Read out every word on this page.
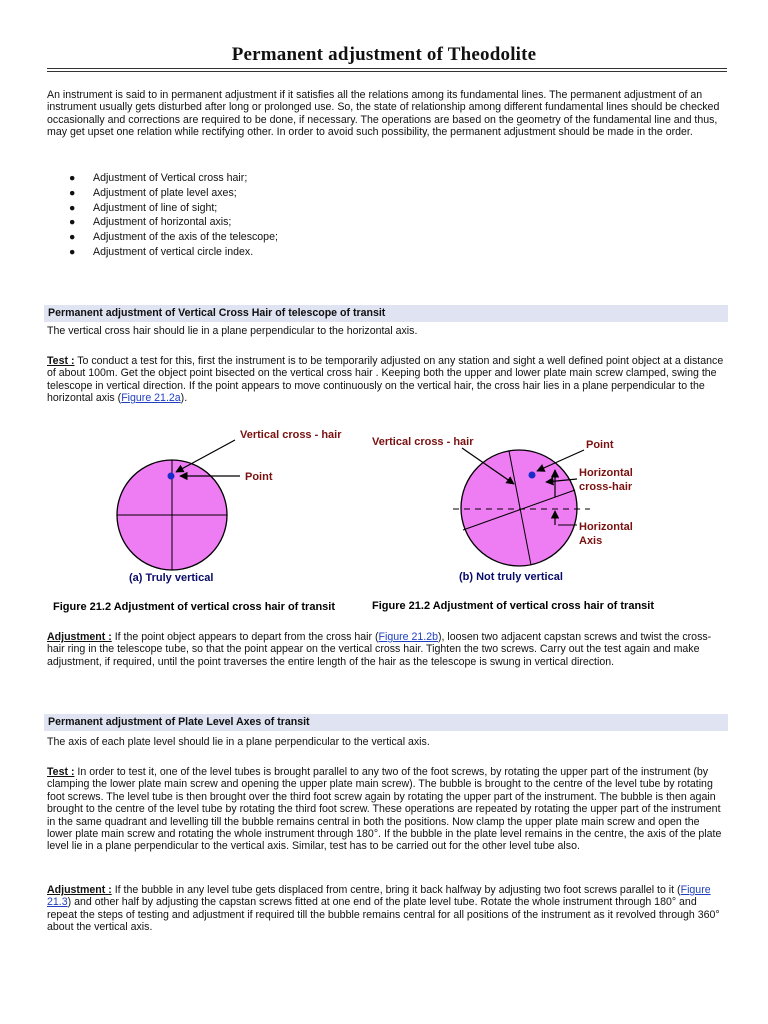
Permanent adjustment of Theodolite

An instrument is said to in permanent adjustment if it satisfies all the relations among its fundamental lines. The permanent adjustment of an instrument usually gets disturbed after long or prolonged use. So, the state of relationship among different fundamental lines should be checked occasionally and corrections are required to be done, if necessary. The operations are based on the geometry of the fundamental line and thus, may get upset one relation while rectifying other. In order to avoid such possibility, the permanent adjustment should be made in the order.

● Adjustment of Vertical cross hair;
● Adjustment of plate level axes;
● Adjustment of line of sight;
● Adjustment of horizontal axis;
● Adjustment of the axis of the telescope;
● Adjustment of vertical circle index.
Permanent adjustment of Vertical Cross Hair of telescope of transit

The vertical cross hair should lie in a plane perpendicular to the horizontal axis.

Test : To conduct a test for this, first the instrument is to be temporarily adjusted on any station and sight a well defined point object at a distance of about 100m. Get the object point bisected on the vertical cross hair . Keeping both the upper and lower plate main screw clamped, swing the telescope in vertical direction. If the point appears to move continuously on the vertical hair, the cross hair lies in a plane perpendicular to the horizontal axis (Figure 21.2a).

Vertical cross - hair
Point
(a) Truly vertical
Figure 21.2 Adjustment of vertical cross hair of transit
Vertical cross - hair	Point
Horizontal
cross-hair
Horizontal
Axis
(b) Not truly vertical
Figure 21.2 Adjustment of vertical cross hair of transit

Adjustment : If the point object appears to depart from the cross hair (Figure 21.2b), loosen two adjacent capstan screws and twist the cross-hair ring in the telescope tube, so that the point appear on the vertical cross hair. Tighten the two screws. Carry out the test again and make adjustment, if required, until the point traverses the entire length of the hair as the telescope is swung in vertical direction.

Permanent adjustment of Plate Level Axes of transit

The axis of each plate level should lie in a plane perpendicular to the vertical axis.

Test : In order to test it, one of the level tubes is brought parallel to any two of the foot screws, by rotating the upper part of the instrument (by clamping the lower plate main screw and opening the upper plate main screw). The bubble is brought to the centre of the level tube by rotating foot screws. The level tube is then brought over the third foot screw again by rotating the upper part of the instrument. The bubble is then again brought to the centre of the level tube by rotating the third foot screw. These operations are repeated by rotating the upper part of the instrument in the same quadrant and levelling till the bubble remains central in both the positions. Now clamp the upper plate main screw and open the lower plate main screw and rotating the whole instrument through 180°. If the bubble in the plate level remains in the centre, the axis of the plate level lie in a plane perpendicular to the vertical axis. Similar, test has to be carried out for the other level tube also.

Adjustment : If the bubble in any level tube gets displaced from centre, bring it back halfway by adjusting two foot screws parallel to it (Figure 21.3) and other half by adjusting the capstan screws fitted at one end of the plate level tube. Rotate the whole instrument through 180° and repeat the steps of testing and adjustment if required till the bubble remains central for all positions of the instrument as it revolved through 360° about the vertical axis.
